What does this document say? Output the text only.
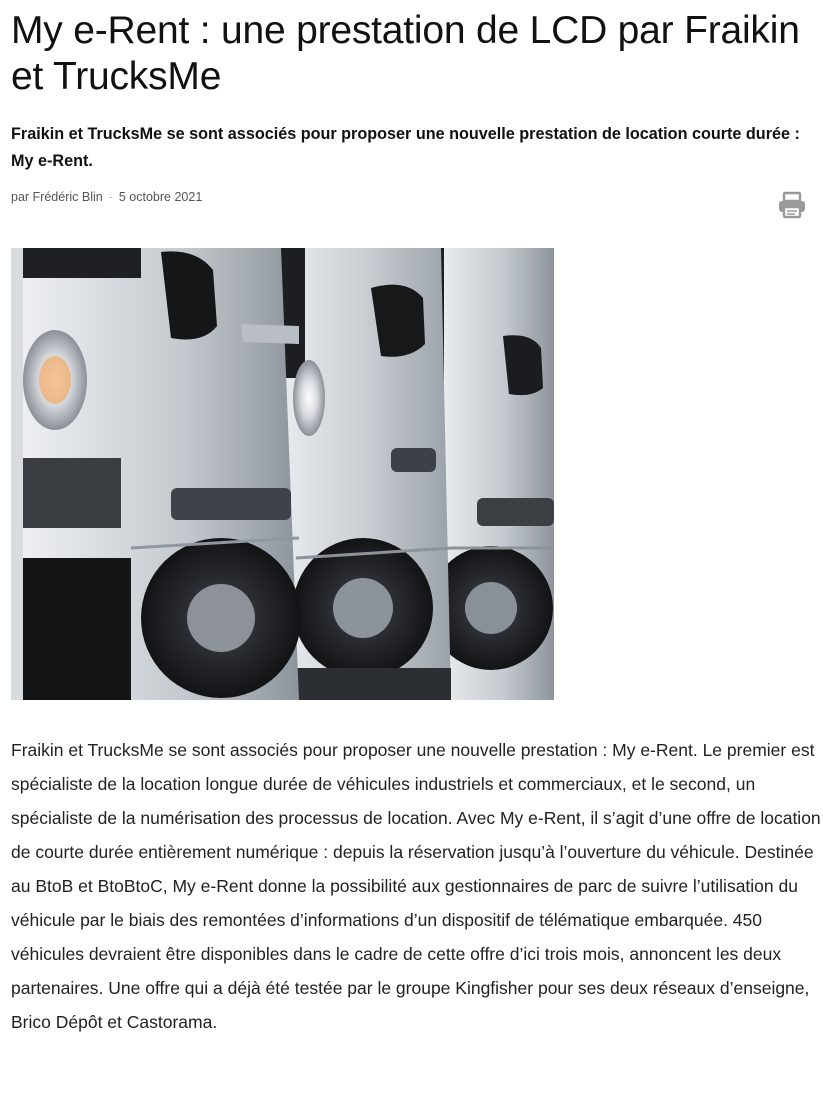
My e-Rent : une prestation de LCD par Fraikin et TrucksMe

Fraikin et TrucksMe se sont associés pour proposer une nouvelle prestation de location courte durée : My e-Rent.

par Frédéric Blin - 5 octobre 2021

Fraikin et TrucksMe se sont associés pour proposer une nouvelle prestation : My e-Rent. Le premier est spécialiste de la location longue durée de véhicules industriels et commerciaux, et le second, un spécialiste de la numérisation des processus de location. Avec My e-Rent, il s’agit d’une offre de location de courte durée entièrement numérique : depuis la réservation jusqu’à l’ouverture du véhicule. Destinée au BtoB et BtoBtoC, My e-Rent donne la possibilité aux gestionnaires de parc de suivre l’utilisation du véhicule par le biais des remontées d’informations d’un dispositif de télématique embarquée. 450 véhicules devraient être disponibles dans le cadre de cette offre d’ici trois mois, annoncent les deux partenaires. Une offre qui a déjà été testée par le groupe Kingfisher pour ses deux réseaux d’enseigne, Brico Dépôt et Castorama.
